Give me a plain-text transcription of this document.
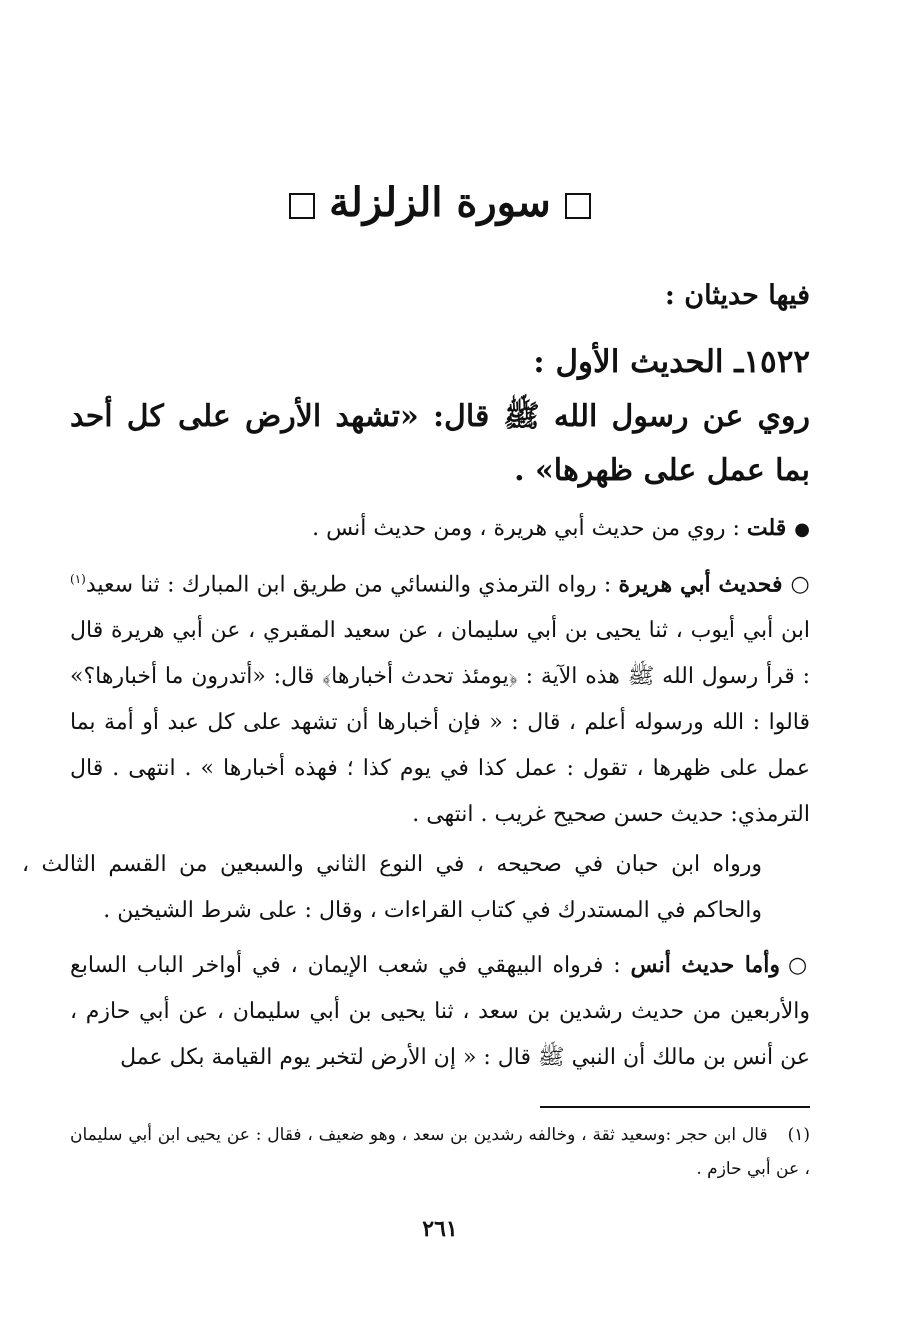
سورة الزلزلة
فيها حديثان :
١٥٢٢ـ الحديث الأول :
روي عن رسول الله ﷺ قال: «تشهد الأرض على كل أحد بما عمل على ظهرها» .
●قلت : روي من حديث أبي هريرة ، ومن حديث أنس .
○فحديث أبي هريرة : رواه الترمذي والنسائي من طريق ابن المبارك : ثنا سعيد$^{(١)}$ ابن أبي أيوب ، ثنا يحيى بن أبي سليمان ، عن سعيد المقبري ، عن أبي هريرة قال : قرأ رسول الله ﷺ هذه الآية : ﴿يومئذ تحدث أخبارها﴾ قال: «أتدرون ما أخبارها؟» قالوا : الله ورسوله أعلم ، قال : « فإن أخبارها أن تشهد على كل عبد أو أمة بما عمل على ظهرها ، تقول : عمل كذا في يوم كذا ؛ فهذه أخبارها » . انتهى . قال الترمذي: حديث حسن صحيح غريب . انتهى .
ورواه ابن حبان في صحيحه ، في النوع الثاني والسبعين من القسم الثالث ، والحاكم في المستدرك في كتاب القراءات ، وقال : على شرط الشيخين .
○وأما حديث أنس : فرواه البيهقي في شعب الإيمان ، في أواخر الباب السابع والأربعين من حديث رشدين بن سعد ، ثنا يحيى بن أبي سليمان ، عن أبي حازم ، عن أنس بن مالك أن النبي ﷺ قال : « إن الأرض لتخبر يوم القيامة بكل عمل
(١)قال ابن حجر :وسعيد ثقة ، وخالفه رشدين بن سعد ، وهو ضعيف ، فقال : عن يحيى ابن أبي سليمان ، عن أبي حازم .
٢٦١
